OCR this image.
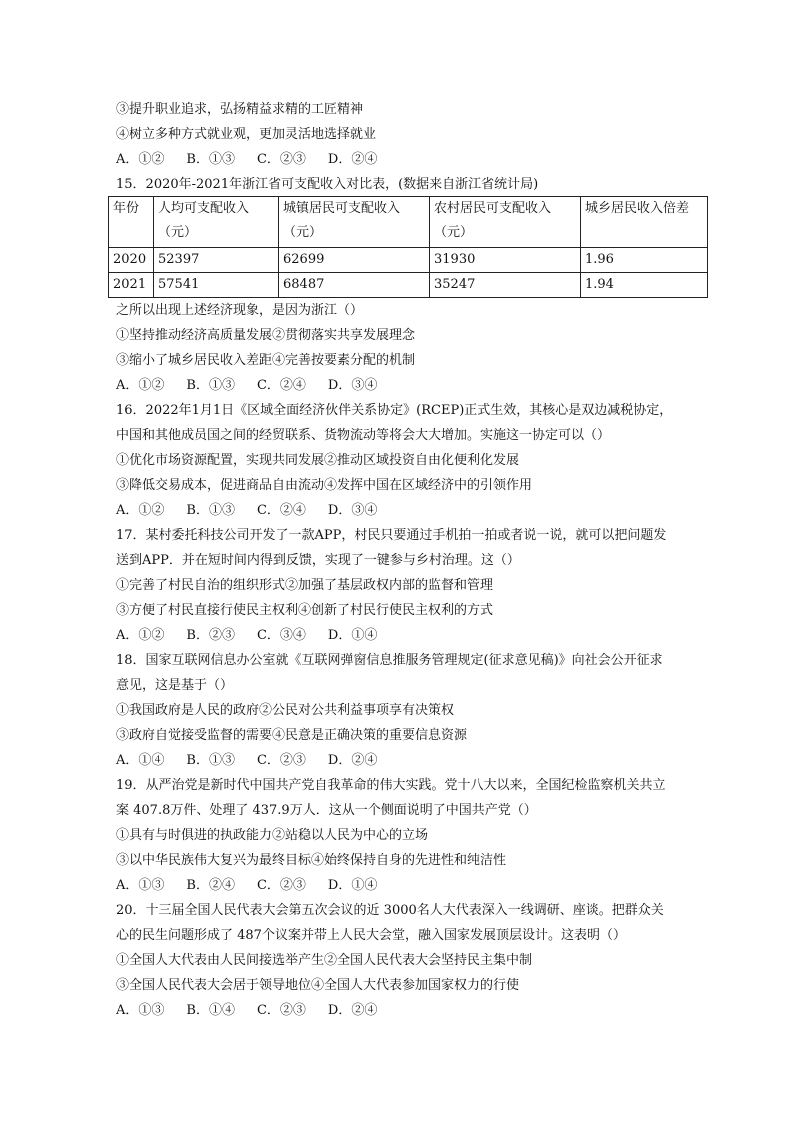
③提升职业追求，弘扬精益求精的工匠精神
④树立多种方式就业观，更加灵活地选择就业
A．①② B．①③ C．②③ D．②④
15．2020年-2021年浙江省可支配收入对比表，(数据来自浙江省统计局)
年份	人均可支配收入（元）	城镇居民可支配收入（元）	农村居民可支配收入（元）	城乡居民收入倍差
2020	52397	62699	31930	1.96
2021	57541	68487	35247	1.94
之所以出现上述经济现象，是因为浙江（）
①坚持推动经济高质量发展②贯彻落实共享发展理念
③缩小了城乡居民收入差距④完善按要素分配的机制
A．①② B．①③ C．②④ D．③④
16．2022年1月1日《区域全面经济伙伴关系协定》(RCEP)正式生效，其核心是双边减税协定，
中国和其他成员国之间的经贸联系、货物流动等将会大大增加。实施这一协定可以（）
①优化市场资源配置，实现共同发展②推动区域投资自由化便利化发展
③降低交易成本，促进商品自由流动④发挥中国在区域经济中的引领作用
A．①② B．①③ C．②④ D．③④
17．某村委托科技公司开发了一款APP，村民只要通过手机拍一拍或者说一说，就可以把问题发
送到APP．并在短时间内得到反馈，实现了一键参与乡村治理。这（）
①完善了村民自治的组织形式②加强了基层政权内部的监督和管理
③方便了村民直接行使民主权利④创新了村民行使民主权利的方式
A．①② B．②③ C．③④ D．①④
18．国家互联网信息办公室就《互联网弹窗信息推服务管理规定(征求意见稿)》向社会公开征求
意见，这是基于（）
①我国政府是人民的政府②公民对公共利益事项享有决策权
③政府自觉接受监督的需要④民意是正确决策的重要信息资源
A．①④ B．①③ C．②③ D．②④
19．从严治党是新时代中国共产党自我革命的伟大实践。党十八大以来，全国纪检监察机关共立
案 407.8万件、处理了 437.9万人．这从一个侧面说明了中国共产党（）
①具有与时俱进的执政能力②站稳以人民为中心的立场
③以中华民族伟大复兴为最终目标④始终保持自身的先进性和纯洁性
A．①③ B．②④ C．②③ D．①④
20．十三届全国人民代表大会第五次会议的近 3000名人大代表深入一线调研、座谈。把群众关
心的民生问题形成了 487个议案并带上人民大会堂，融入国家发展顶层设计。这表明（）
①全国人大代表由人民间接选举产生②全国人民代表大会坚持民主集中制
③全国人民代表大会居于领导地位④全国人大代表参加国家权力的行使
A．①③ B．①④ C．②③ D．②④
